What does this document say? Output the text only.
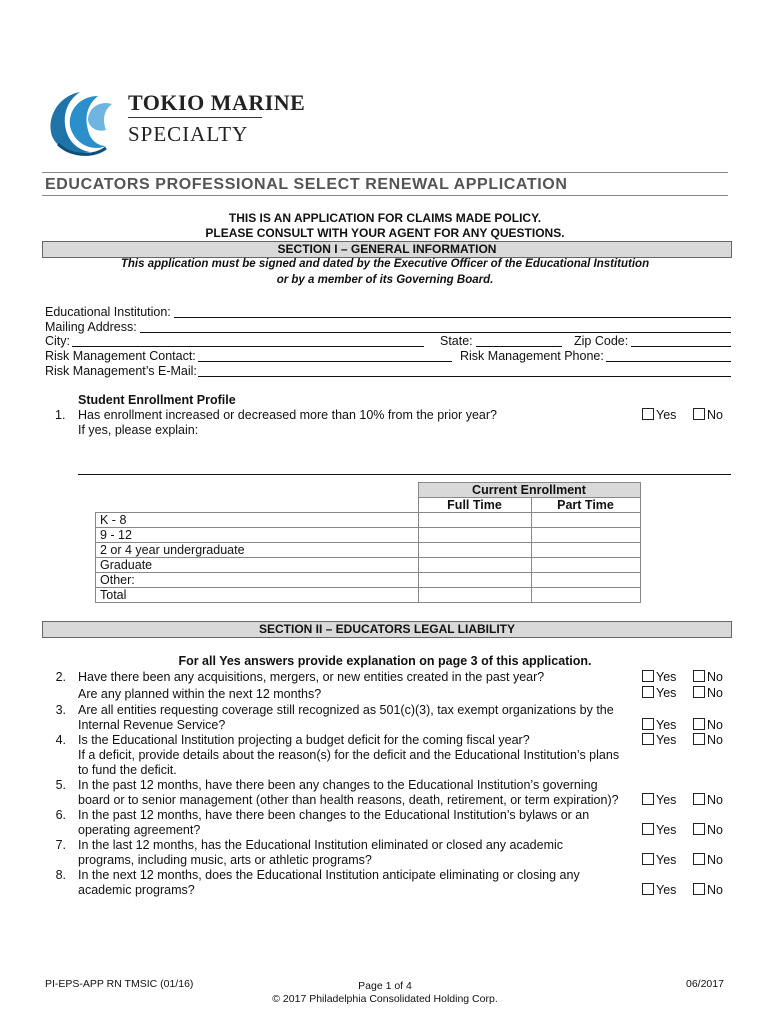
TOKIO MARINE
SPECIALTY
EDUCATORS PROFESSIONAL SELECT RENEWAL APPLICATION
THIS IS AN APPLICATION FOR CLAIMS MADE POLICY.
PLEASE CONSULT WITH YOUR AGENT FOR ANY QUESTIONS.
SECTION I – GENERAL INFORMATION
This application must be signed and dated by the Executive Officer of the Educational Institution
or by a member of its Governing Board.
Educational Institution:
Mailing Address:
City:	State:	Zip Code:
Risk Management Contact:	Risk Management Phone:
Risk Management’s E-Mail:
Student Enrollment Profile
1. Has enrollment increased or decreased more than 10% from the prior year?	Yes	No
If yes, please explain:
	Current Enrollment	
	Full Time	Part Time
K - 8		
9 - 12		
2 or 4 year undergraduate		
Graduate		
Other:		
Total		
SECTION II – EDUCATORS LEGAL LIABILITY
For all Yes answers provide explanation on page 3 of this application.
2. Have there been any acquisitions, mergers, or new entities created in the past year?
Are any planned within the next 12 months?
Yes	No
Yes	No
3. Are all entities requesting coverage still recognized as 501(c)(3), tax exempt organizations by the
Internal Revenue Service?	Yes	No
4. Is the Educational Institution projecting a budget deficit for the coming fiscal year?
If a deficit, provide details about the reason(s) for the deficit and the Educational Institution’s plans
to fund the deficit.
Yes	No
5. In the past 12 months, have there been any changes to the Educational Institution’s governing
board or to senior management (other than health reasons, death, retirement, or term expiration)?	Yes	No
6. In the past 12 months, have there been changes to the Educational Institution’s bylaws or an
operating agreement?	Yes	No
7. In the last 12 months, has the Educational Institution eliminated or closed any academic
programs, including music, arts or athletic programs?	Yes	No
8. In the next 12 months, does the Educational Institution anticipate eliminating or closing any
academic programs?	Yes	No
PI-EPS-APP RN TMSIC (01/16)	Page 1 of 4
© 2017 Philadelphia Consolidated Holding Corp.
06/2017
